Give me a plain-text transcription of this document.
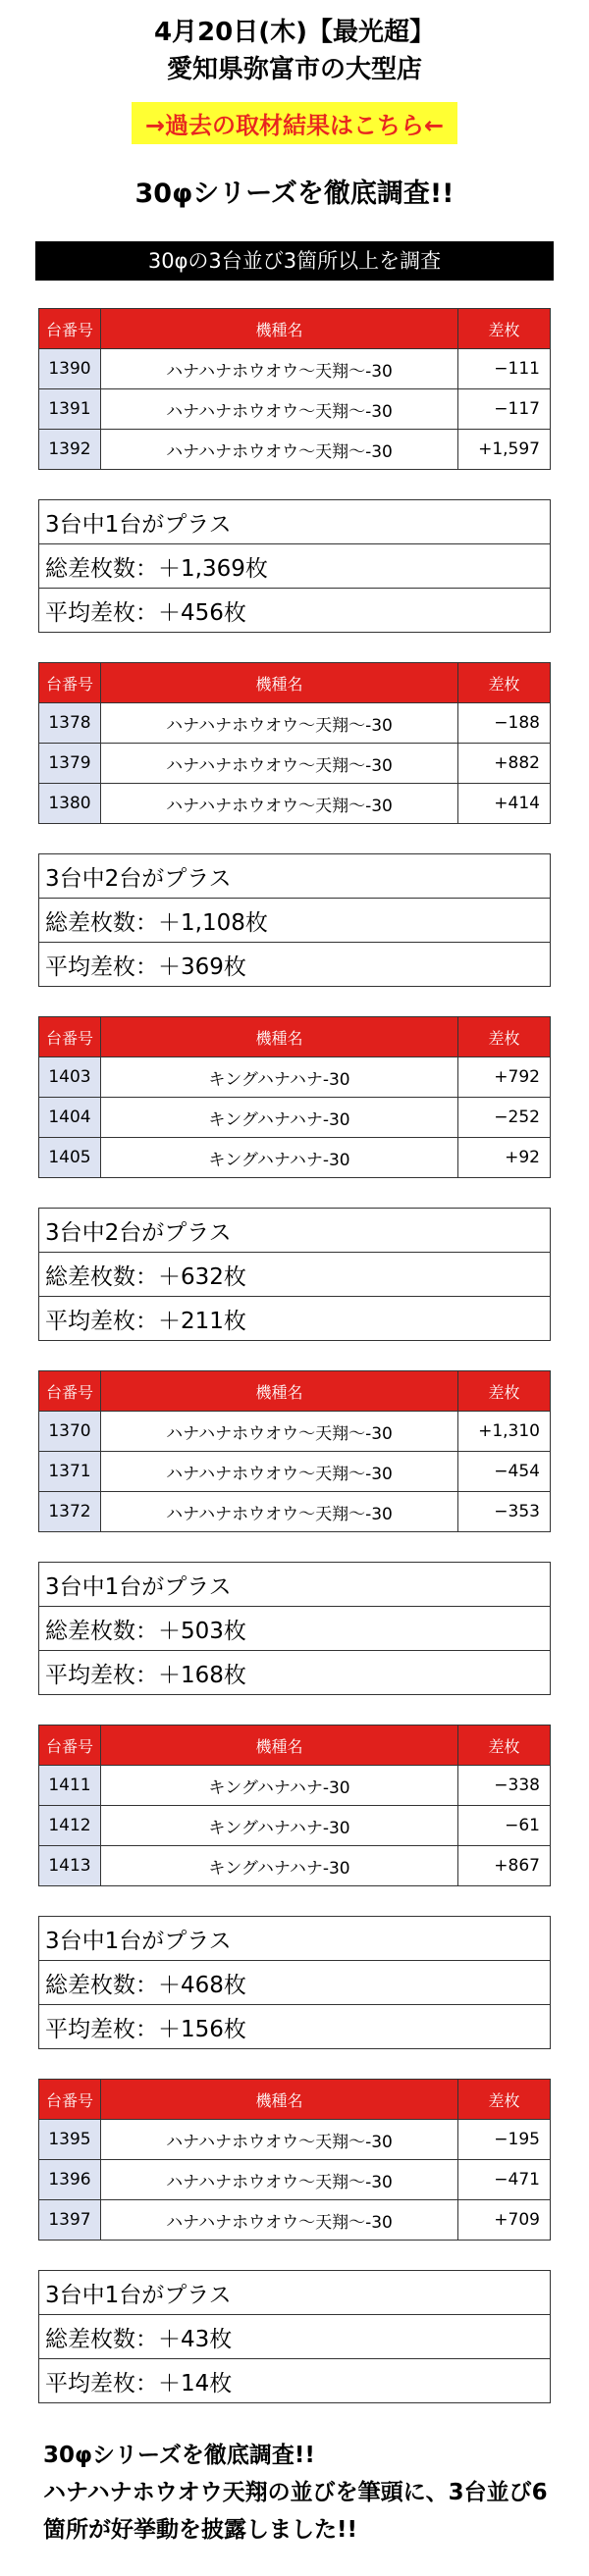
4月20日(木)【最光超】
愛知県弥富市の大型店
→過去の取材結果はこちら←
30φシリーズを徹底調査!!
30φの3台並び3箇所以上を調査
台番号	機種名	差枚
1390	ハナハナホウオウ〜天翔〜-30	−111
1391	ハナハナホウオウ〜天翔〜-30	−117
1392	ハナハナホウオウ〜天翔〜-30	+1,597
3台中1台がプラス
総差枚数：＋1,369枚
平均差枚：＋456枚
台番号	機種名	差枚
1378	ハナハナホウオウ〜天翔〜-30	−188
1379	ハナハナホウオウ〜天翔〜-30	+882
1380	ハナハナホウオウ〜天翔〜-30	+414
3台中2台がプラス
総差枚数：＋1,108枚
平均差枚：＋369枚
台番号	機種名	差枚
1403	キングハナハナ-30	+792
1404	キングハナハナ-30	−252
1405	キングハナハナ-30	+92
3台中2台がプラス
総差枚数：＋632枚
平均差枚：＋211枚
台番号	機種名	差枚
1370	ハナハナホウオウ〜天翔〜-30	+1,310
1371	ハナハナホウオウ〜天翔〜-30	−454
1372	ハナハナホウオウ〜天翔〜-30	−353
3台中1台がプラス
総差枚数：＋503枚
平均差枚：＋168枚
台番号	機種名	差枚
1411	キングハナハナ-30	−338
1412	キングハナハナ-30	−61
1413	キングハナハナ-30	+867
3台中1台がプラス
総差枚数：＋468枚
平均差枚：＋156枚
台番号	機種名	差枚
1395	ハナハナホウオウ〜天翔〜-30	−195
1396	ハナハナホウオウ〜天翔〜-30	−471
1397	ハナハナホウオウ〜天翔〜-30	+709
3台中1台がプラス
総差枚数：＋43枚
平均差枚：＋14枚
30φシリーズを徹底調査!!
ハナハナホウオウ天翔の並びを筆頭に、3台並び6箇所が好挙動を披露しました!!
